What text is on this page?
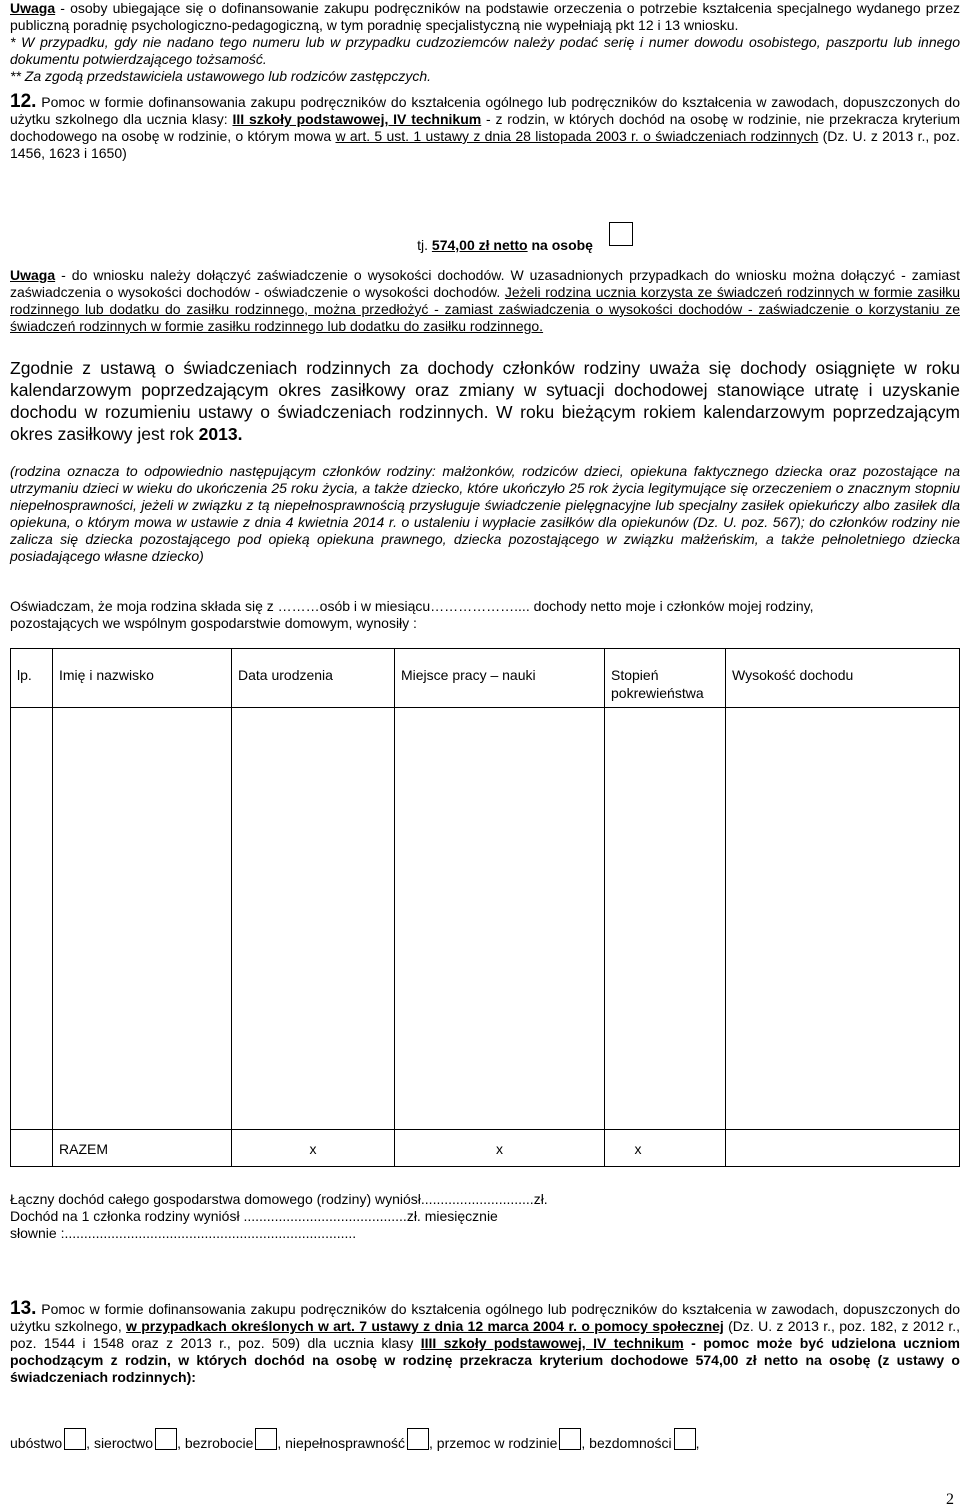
Uwaga - osoby ubiegające się o dofinansowanie zakupu podręczników na podstawie orzeczenia o potrzebie kształcenia specjalnego wydanego przez publiczną poradnię psychologiczno-pedagogiczną, w tym poradnię specjalistyczną nie wypełniają pkt 12 i 13 wniosku.

* W przypadku, gdy nie nadano tego numeru lub w przypadku cudzoziemców należy podać serię i numer dowodu osobistego, paszportu lub innego dokumentu potwierdzającego tożsamość.

** Za zgodą przedstawiciela ustawowego lub rodziców zastępczych.

12. Pomoc w formie dofinansowania zakupu podręczników do kształcenia ogólnego lub podręczników do kształcenia w zawodach, dopuszczonych do użytku szkolnego dla ucznia klasy: III szkoły podstawowej, IV technikum - z rodzin, w których dochód na osobę w rodzinie, nie przekracza kryterium dochodowego na osobę w rodzinie, o którym mowa w art. 5 ust. 1 ustawy z dnia 28 listopada 2003 r. o świadczeniach rodzinnych (Dz. U. z 2013 r., poz. 1456, 1623 i 1650)

tj. 574,00 zł netto na osobę

Uwaga - do wniosku należy dołączyć zaświadczenie o wysokości dochodów. W uzasadnionych przypadkach do wniosku można dołączyć - zamiast zaświadczenia o wysokości dochodów - oświadczenie o wysokości dochodów. Jeżeli rodzina ucznia korzysta ze świadczeń rodzinnych w formie zasiłku rodzinnego lub dodatku do zasiłku rodzinnego, można przedłożyć - zamiast zaświadczenia o wysokości dochodów - zaświadczenie o korzystaniu ze świadczeń rodzinnych w formie zasiłku rodzinnego lub dodatku do zasiłku rodzinnego.

Zgodnie z ustawą o świadczeniach rodzinnych za dochody członków rodziny uważa się dochody osiągnięte w roku kalendarzowym poprzedzającym okres zasiłkowy oraz zmiany w sytuacji dochodowej stanowiące utratę i uzyskanie dochodu w rozumieniu ustawy o świadczeniach rodzinnych. W roku bieżącym rokiem kalendarzowym poprzedzającym okres zasiłkowy jest rok 2013.

(rodzina oznacza to odpowiednio następującym członków rodziny: małżonków, rodziców dzieci, opiekuna faktycznego dziecka oraz pozostające na utrzymaniu dzieci w wieku do ukończenia 25 roku życia, a także dziecko, które ukończyło 25 rok życia legitymujące się orzeczeniem o znacznym stopniu niepełnosprawności, jeżeli w związku z tą niepełnosprawnością przysługuje świadczenie pielęgnacyjne lub specjalny zasiłek opiekuńczy albo zasiłek dla opiekuna, o którym mowa w ustawie z dnia 4 kwietnia 2014 r. o ustaleniu i wypłacie zasiłków dla opiekunów (Dz. U. poz. 567); do członków rodziny nie zalicza się dziecka pozostającego pod opieką opiekuna prawnego, dziecka pozostającego w związku małżeńskim, a także pełnoletniego dziecka posiadającego własne dziecko)

Oświadczam, że moja rodzina składa się z ………osób i w miesiącu……………….... dochody netto moje i członków mojej rodziny,

pozostających we wspólnym gospodarstwie domowym, wynosiły :

lp.	Imię i nazwisko	Data urodzenia	Miejsce pracy – nauki	Stopień pokrewieństwa	Wysokość dochodu

	RAZEM	x	x	x	

Łączny dochód całego gospodarstwa domowego (rodziny) wyniósł.............................zł.

Dochód na 1 członka rodziny wyniósł ..........................................zł. miesięcznie

słownie :...........................................................................

13. Pomoc w formie dofinansowania zakupu podręczników do kształcenia ogólnego lub podręczników do kształcenia w zawodach, dopuszczonych do użytku szkolnego, w przypadkach określonych w art. 7 ustawy z dnia 12 marca 2004 r. o pomocy społecznej (Dz. U. z 2013 r., poz. 182, z 2012 r., poz. 1544 i 1548 oraz z 2013 r., poz. 509) dla ucznia klasy IIII szkoły podstawowej, IV technikum - pomoc może być udzielona uczniom pochodzącym z rodzin, w których dochód na osobę w rodzinę przekracza kryterium dochodowe 574,00 zł netto na osobę (z ustawy o świadczeniach rodzinnych):

ubóstwo , sieroctwo , bezrobocie , niepełnosprawność , przemoc w rodzinie , bezdomności ,
2
